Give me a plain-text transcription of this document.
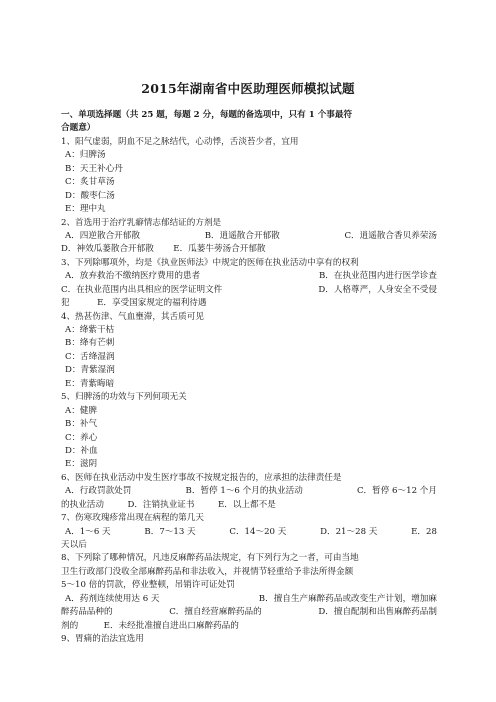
2015年湖南省中医助理医师模拟试题
一、单项选择题（共 25 题，每题 2 分，每题的备选项中，只有 1 个事最符
合题意）
1、阳气虚弱，阴血不足之脉结代，心动悸，舌淡苔少者，宜用
A：归脾汤
B：天王补心丹
C：炙甘草汤
D：酸枣仁汤
E：理中丸
2、首选用于治疗乳癖情志郁结证的方剂是
A．四逆散合开郁散	B．逍遥散合开郁散	C．逍遥散合香贝养荣汤
D．神效瓜蒌散合开郁散 E．瓜蒌牛蒡汤合开郁散
3、下列除哪项外，均是《执业医师法》中规定的医师在执业活动中享有的权利
A．放弃救治不缴纳医疗费用的患者	B．在执业范围内进行医学诊查
C．在执业范围内出具相应的医学证明文件	D．人格尊严，人身安全不受侵
犯	E．享受国家规定的福利待遇
4、热甚伤津、气血壅滞，其舌质可见
A：绛紫干枯
B：绛有芒刺
C：舌绛湿润
D：青紫湿润
E：青紫晦暗
5、归脾汤的功效与下列何项无关
A：健脾
B：补气
C：养心
D：补血
E：滋阴
6、医师在执业活动中发生医疗事故不按规定报告的，应承担的法律责任是
A．行政罚款处罚	B．暂停 1～6 个月的执业活动	C．暂停 6～12 个月
的执业活动	D．注销执业证书	E．以上都不是
7、伤寒玫瑰疹常出现在病程的第几天
A．1～6 天	B．7～13 天	C．14～20 天	D．21～28 天	E．28
天以后
8、下列除了哪种情况，凡违反麻醉药品法规定，有下列行为之一者，可由当地
卫生行政部门没收全部麻醉药品和非法收入，并视情节轻重给予非法所得金额
5～10 倍的罚款，停业整顿，吊销许可证处罚
A．药剂连续使用达 6 天	B．擅自生产麻醉药品或改变生产计划，增加麻
醉药品品种的	C．擅自经营麻醉药品的	D．擅自配制和出售麻醉药品制
剂的	E．未经批准擅自进出口麻醉药品的
9、胃痛的治法宜选用
